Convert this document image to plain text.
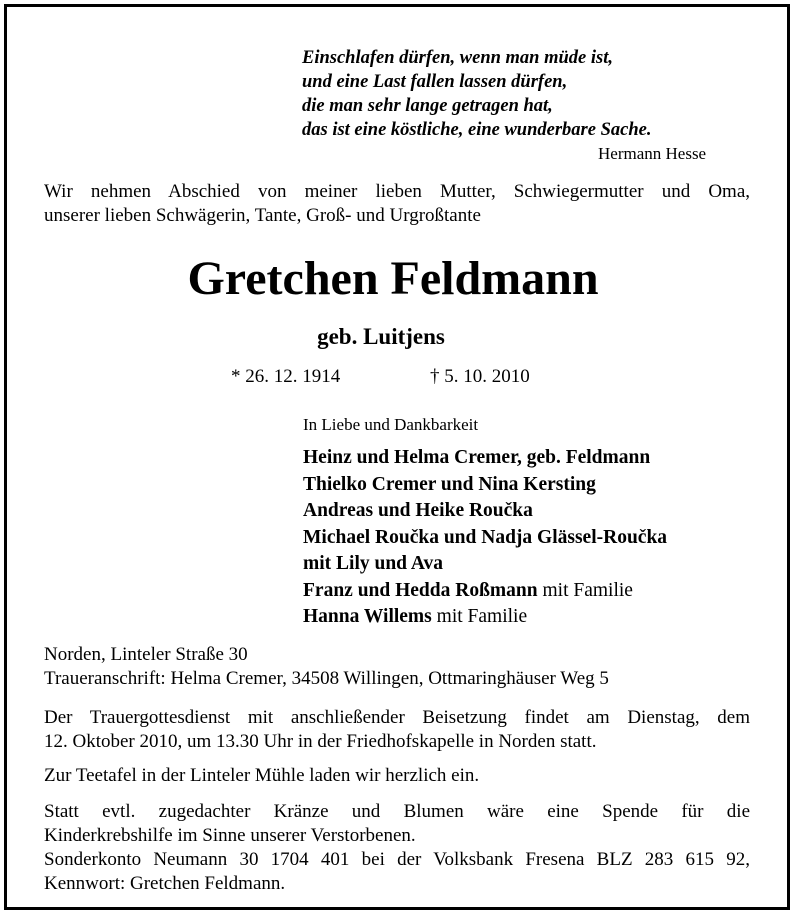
Einschlafen dürfen, wenn man müde ist,
und eine Last fallen lassen dürfen,
die man sehr lange getragen hat,
das ist eine köstliche, eine wunderbare Sache.
Hermann Hesse
Wir nehmen Abschied von meiner lieben Mutter, Schwiegermutter und Oma,
unserer lieben Schwägerin, Tante, Groß- und Urgroßtante
Gretchen Feldmann
geb. Luitjens
* 26. 12. 1914	† 5. 10. 2010
In Liebe und Dankbarkeit
Heinz und Helma Cremer, geb. Feldmann
Thielko Cremer und Nina Kersting
Andreas und Heike Roučka
Michael Roučka und Nadja Glässel-Roučka
mit Lily und Ava
Franz und Hedda Roßmann mit Familie
Hanna Willems mit Familie
Norden, Linteler Straße 30
Traueranschrift: Helma Cremer, 34508 Willingen, Ottmaringhäuser Weg 5
Der Trauergottesdienst mit anschließender Beisetzung findet am Dienstag, dem
12. Oktober 2010, um 13.30 Uhr in der Friedhofskapelle in Norden statt.
Zur Teetafel in der Linteler Mühle laden wir herzlich ein.
Statt evtl. zugedachter Kränze und Blumen wäre eine Spende für die
Kinderkrebshilfe im Sinne unserer Verstorbenen.
Sonderkonto Neumann 30 1704 401 bei der Volksbank Fresena BLZ 283 615 92,
Kennwort: Gretchen Feldmann.
